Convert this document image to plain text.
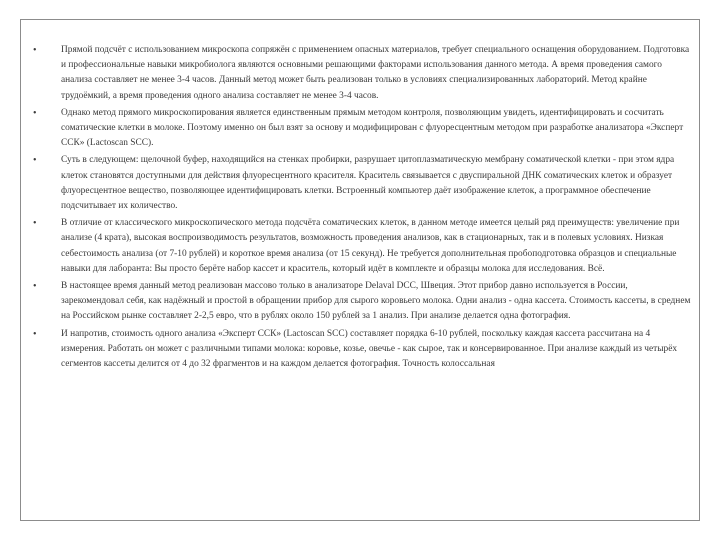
•	Прямой подсчёт с использованием микроскопа сопряжён с применением опасных материалов, требует специального оснащения оборудованием. Подготовка и профессиональные навыки микробиолога являются основными решающими факторами использования данного метода. А время проведения самого анализа составляет не менее 3-4 часов. Данный метод может быть реализован только в условиях специализированных лабораторий. Метод крайне трудоёмкий, а время проведения одного анализа составляет не менее 3-4 часов.
•	Однако метод прямого микроскопирования является единственным прямым методом контроля, позволяющим увидеть, идентифицировать и сосчитать соматические клетки в молоке. Поэтому именно он был взят за основу и модифицирован с флуоресцентным методом при разработке анализатора «Эксперт ССК» (Lactoscan SCC).
•	Суть в следующем: щелочной буфер, находящийся на стенках пробирки, разрушает цитоплазматическую мембрану соматической клетки - при этом ядра клеток становятся доступными для действия флуоресцентного красителя. Краситель связывается с двуспиральной ДНК соматических клеток и образует флуоресцентное вещество, позволяющее идентифицировать клетки. Встроенный компьютер даёт изображение клеток, а программное обеспечение подсчитывает их количество.
•	В отличие от классического микроскопического метода подсчёта соматических клеток, в данном методе имеется целый ряд преимуществ: увеличение при анализе (4 крата), высокая воспроизводимость результатов, возможность проведения анализов, как в стационарных, так и в полевых условиях. Низкая себестоимость анализа (от 7-10 рублей) и короткое время анализа (от 15 секунд). Не требуется дополнительная пробоподготовка образцов и специальные навыки для лаборанта: Вы просто берёте набор кассет и краситель, который идёт в комплекте и образцы молока для исследования. Всё.
•	В настоящее время данный метод реализован массово только в анализаторе Delaval DCC, Швеция. Этот прибор давно используется в России, зарекомендовал себя, как надёжный и простой в обращении прибор для сырого коровьего молока. Одни анализ - одна кассета. Стоимость кассеты, в среднем на Российском рынке составляет 2-2,5 евро, что в рублях около 150 рублей за 1 анализ. При анализе делается одна фотография.
•	И напротив, стоимость одного анализа «Эксперт ССК» (Lactoscan SCC) составляет порядка 6-10 рублей, поскольку каждая кассета рассчитана на 4 измерения. Работать он может с различными типами молока: коровье, козье, овечье - как сырое, так и консервированное. При анализе каждый из четырёх сегментов кассеты делится от 4 до 32 фрагментов и на каждом делается фотография. Точность колоссальная
